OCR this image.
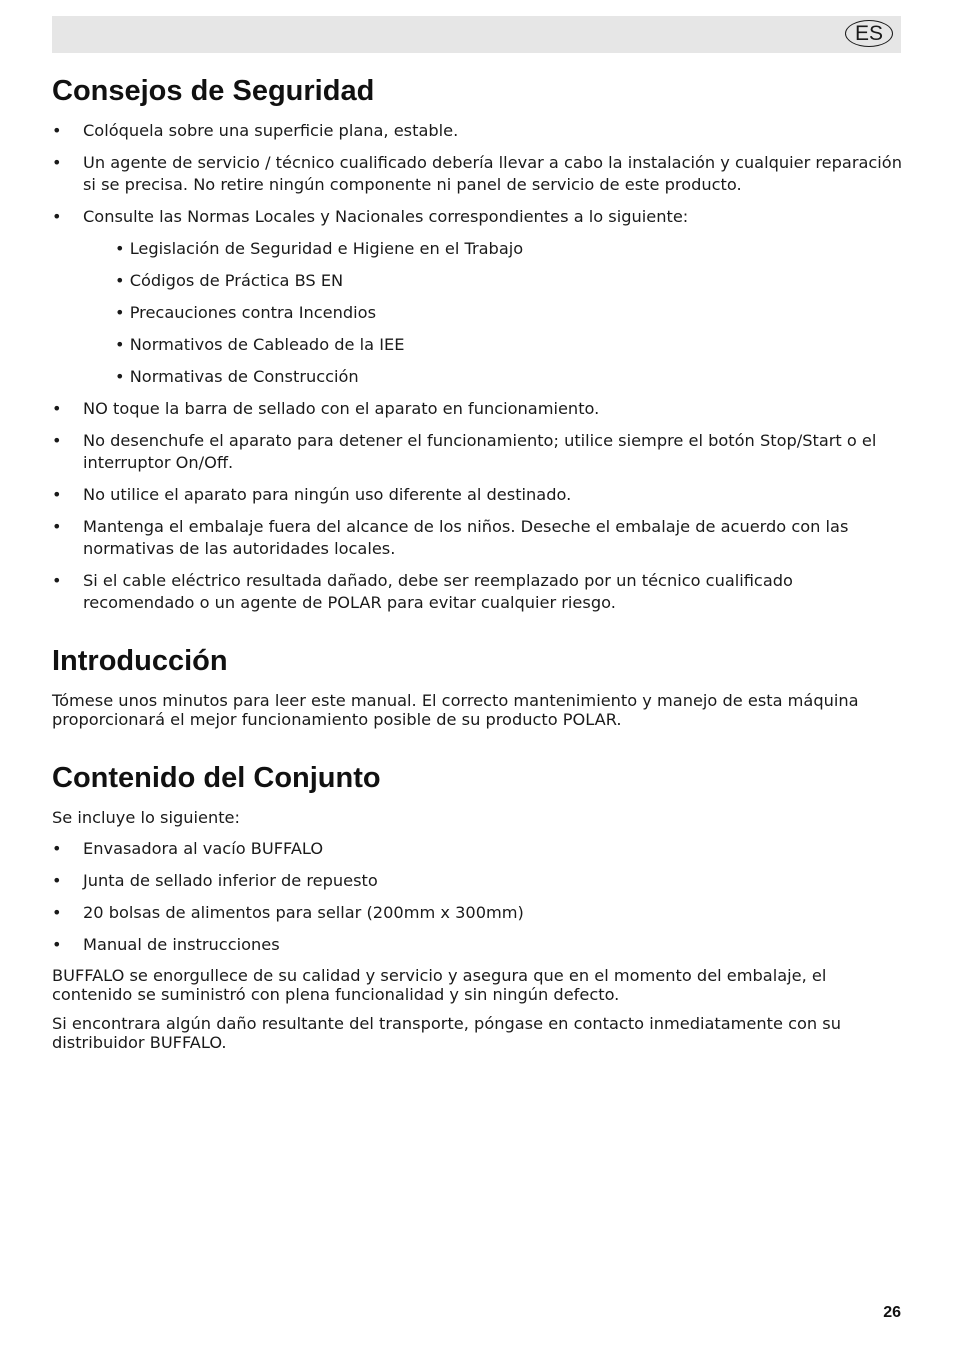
ES
Consejos de Seguridad
• Colóquela sobre una superficie plana, estable.
• Un agente de servicio / técnico cualificado debería llevar a cabo la instalación y cualquier reparación si se precisa. No retire ningún componente ni panel de servicio de este producto.
• Consulte las Normas Locales y Nacionales correspondientes a lo siguiente:
• Legislación de Seguridad e Higiene en el Trabajo
• Códigos de Práctica BS EN
• Precauciones contra Incendios
• Normativos de Cableado de la IEE
• Normativas de Construcción
• NO toque la barra de sellado con el aparato en funcionamiento.
• No desenchufe el aparato para detener el funcionamiento; utilice siempre el botón Stop/Start o el interruptor On/Off.
• No utilice el aparato para ningún uso diferente al destinado.
• Mantenga el embalaje fuera del alcance de los niños. Deseche el embalaje de acuerdo con las normativas de las autoridades locales.
• Si el cable eléctrico resultada dañado, debe ser reemplazado por un técnico cualificado recomendado o un agente de POLAR para evitar cualquier riesgo.
Introducción

Tómese unos minutos para leer este manual. El correcto mantenimiento y manejo de esta máquina proporcionará el mejor funcionamiento posible de su producto POLAR.

Contenido del Conjunto

Se incluye lo siguiente:

• Envasadora al vacío BUFFALO
• Junta de sellado inferior de repuesto
• 20 bolsas de alimentos para sellar (200mm x 300mm)
• Manual de instrucciones

BUFFALO se enorgullece de su calidad y servicio y asegura que en el momento del embalaje, el contenido se suministró con plena funcionalidad y sin ningún defecto.

Si encontrara algún daño resultante del transporte, póngase en contacto inmediatamente con su distribuidor BUFFALO.

26
